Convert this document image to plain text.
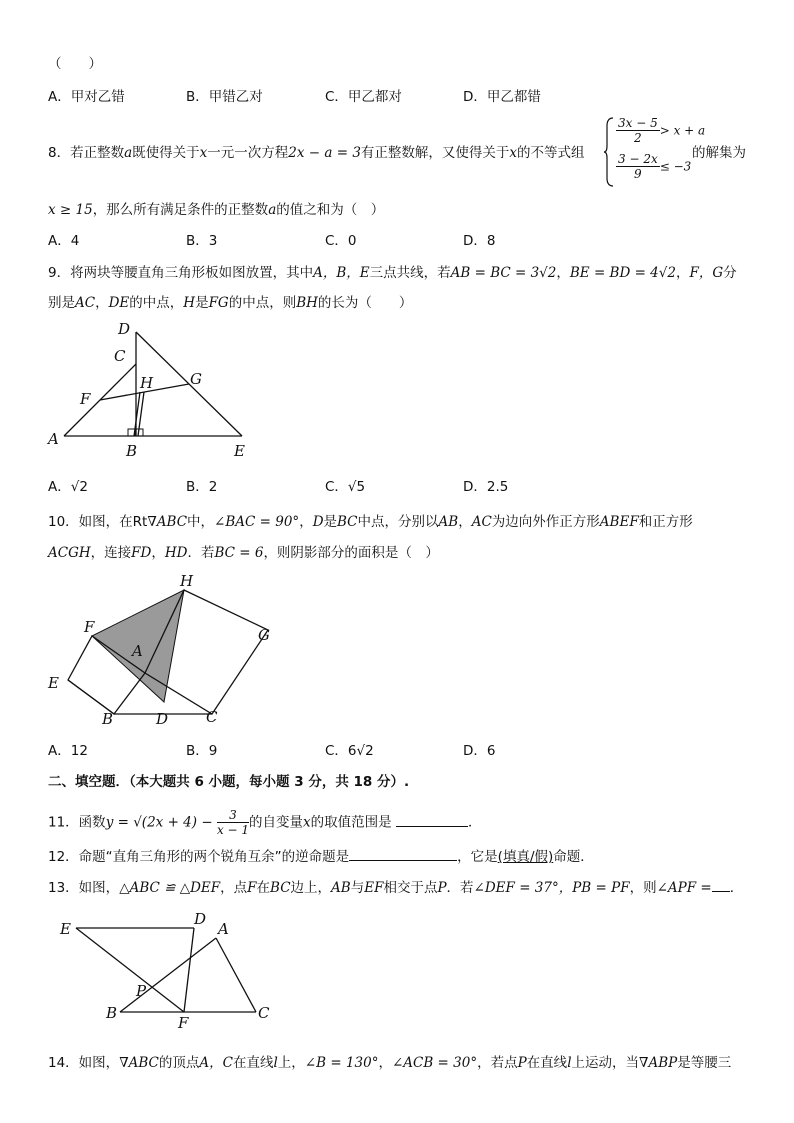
（　　）
A．甲对乙错	B．甲错乙对	C．甲乙都对	D．甲乙都错
8．若正整数a既使得关于x一元一次方程2x − a = 3有正整数解，又使得关于x的不等式组
$\frac{3x - 5}{2} > x + a$
$\frac{3 - 2x}{9} \le -3$
的解集为
x ≥ 15，那么所有满足条件的正整数a的值之和为（　）
A．4	B．3	C．0	D．8
9．将两块等腰直角三角形板如图放置，其中A，B，E三点共线，若AB = BC = 3√2，BE = BD = 4√2，F，G分
别是AC，DE的中点，H是FG的中点，则BH的长为（　　）
D
C
H G
F
A
B	E
A．√2	B．2	C．√5	D．2.5
10．如图，在Rt∇ABC中，∠BAC = 90°，D是BC中点，分别以AB，AC为边向外作正方形ABEF和正方形
ACGH，连接FD，HD．若BC = 6，则阴影部分的面积是（　）
H
F	G
A
E
B	D	C
A．12	B．9	C．6√2	D．6
二、填空题．（本大题共 6 小题，每小题 3 分，共 18 分）.
11．函数$y = √(2x + 4) - \frac{3}{x - 1}$ 的自变量x的取值范围是	．
12．命题“直角三角形的两个锐角互余”的逆命题是	，它是(填真/假)命题．
13．如图，△ABC ≌ △DEF，点F在BC边上，AB与EF相交于点P．若∠DEF = 37°，PB = PF，则∠APF = ．
E
D
A
P
B
F
C
14．如图，∇ABC的顶点A，C在直线l上，∠B = 130°，∠ACB = 30°，若点P在直线l上运动，当∇ABP是等腰三
